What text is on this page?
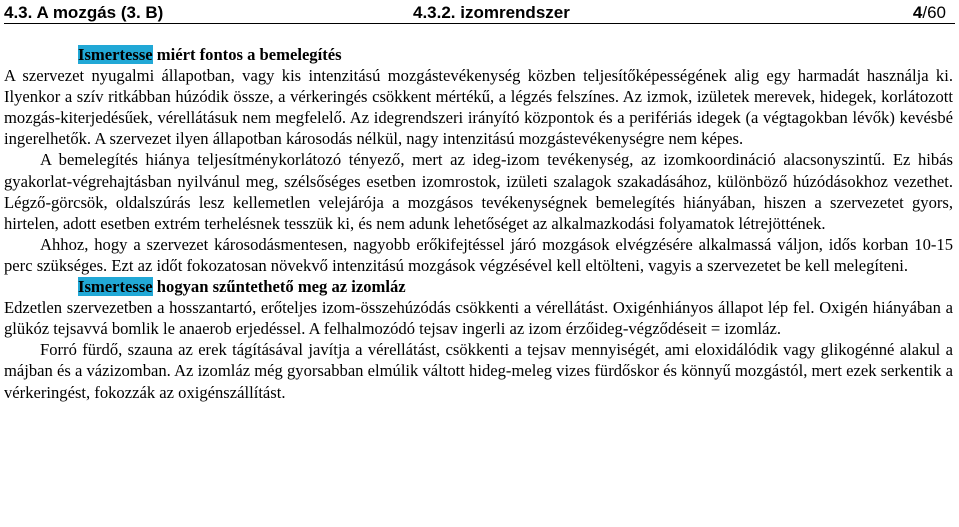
4.3. A mozgás (3. B)	4.3.2. izomrendszer	4/60

Ismertesse miért fontos a bemelegítés

A szervezet nyugalmi állapotban, vagy kis intenzitású mozgástevékenység közben teljesítőképességének alig egy harmadát használja ki. Ilyenkor a szív ritkábban húzódik össze, a vérkeringés csökkent mértékű, a légzés felszínes. Az izmok, izületek merevek, hidegek, korlátozott mozgás-kiterjedésűek, vérellátásuk nem megfelelő. Az idegrendszeri irányító központok és a perifériás idegek (a végtagokban lévők) kevésbé ingerelhetők. A szervezet ilyen állapotban károsodás nélkül, nagy intenzitású mozgástevékenységre nem képes.

A bemelegítés hiánya teljesítménykorlátozó tényező, mert az ideg-izom tevékenység, az izomkoordináció alacsonyszintű. Ez hibás gyakorlat-végrehajtásban nyilvánul meg, szélsőséges esetben izomrostok, izületi szalagok szakadásához, különböző húzódásokhoz vezethet. Légző-görcsök, oldalszúrás lesz kellemetlen velejárója a mozgásos tevékenységnek bemelegítés hiányában, hiszen a szervezetet gyors, hirtelen, adott esetben extrém terhelésnek tesszük ki, és nem adunk lehetőséget az alkalmazkodási folyamatok létrejöttének.

Ahhoz, hogy a szervezet károsodásmentesen, nagyobb erőkifejtéssel járó mozgások elvégzésére alkalmassá váljon, idős korban 10-15 perc szükséges. Ezt az időt fokozatosan növekvő intenzitású mozgások végzésével kell eltölteni, vagyis a szervezetet be kell melegíteni.

Ismertesse hogyan szűntethető meg az izomláz

Edzetlen szervezetben a hosszantartó, erőteljes izom-összehúzódás csökkenti a vérellátást. Oxigénhiányos állapot lép fel. Oxigén hiányában a glükóz tejsavvá bomlik le anaerob erjedéssel. A felhalmozódó tejsav ingerli az izom érzőideg-végződéseit = izomláz.

Forró fürdő, szauna az erek tágításával javítja a vérellátást, csökkenti a tejsav mennyiségét, ami eloxidálódik vagy glikogénné alakul a májban és a vázizomban. Az izomláz még gyorsabban elmúlik váltott hideg-meleg vizes fürdőskor és könnyű mozgástól, mert ezek serkentik a vérkeringést, fokozzák az oxigénszállítást.
